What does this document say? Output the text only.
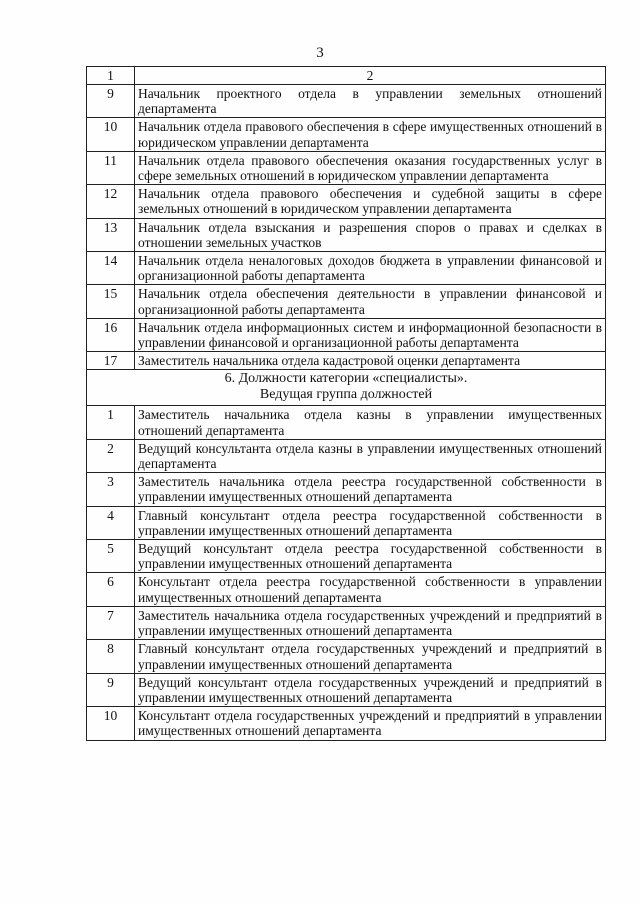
3
1	2
9	Начальник проектного отдела в управлении земельных отношений департамента
10	Начальник отдела правового обеспечения в сфере имущественных отношений в юридическом управлении департамента
11	Начальник отдела правового обеспечения оказания государственных услуг в сфере земельных отношений в юридическом управлении департамента
12	Начальник отдела правового обеспечения и судебной защиты в сфере земельных отношений в юридическом управлении департамента
13	Начальник отдела взыскания и разрешения споров о правах и сделках в отношении земельных участков
14	Начальник отдела неналоговых доходов бюджета в управлении финансовой и организационной работы департамента
15	Начальник отдела обеспечения деятельности в управлении финансовой и организационной работы департамента
16	Начальник отдела информационных систем и информационной безопасности в управлении финансовой и организационной работы департамента
17	Заместитель начальника отдела кадастровой оценки департамента

6. Должности категории «специалисты».
Ведущая группа должностей	

1	Заместитель начальника отдела казны в управлении имущественных отношений департамента
2	Ведущий консультанта отдела казны в управлении имущественных отношений департамента
3	Заместитель начальника отдела реестра государственной собственности в управлении имущественных отношений департамента
4	Главный консультант отдела реестра государственной собственности в управлении имущественных отношений департамента
5	Ведущий консультант отдела реестра государственной собственности в управлении имущественных отношений департамента
6	Консультант отдела реестра государственной собственности в управлении имущественных отношений департамента
7	Заместитель начальника отдела государственных учреждений и предприятий в управлении имущественных отношений департамента
8	Главный консультант отдела государственных учреждений и предприятий в управлении имущественных отношений департамента
9	Ведущий консультант отдела государственных учреждений и предприятий в управлении имущественных отношений департамента
10	Консультант отдела государственных учреждений и предприятий в управлении имущественных отношений департамента
